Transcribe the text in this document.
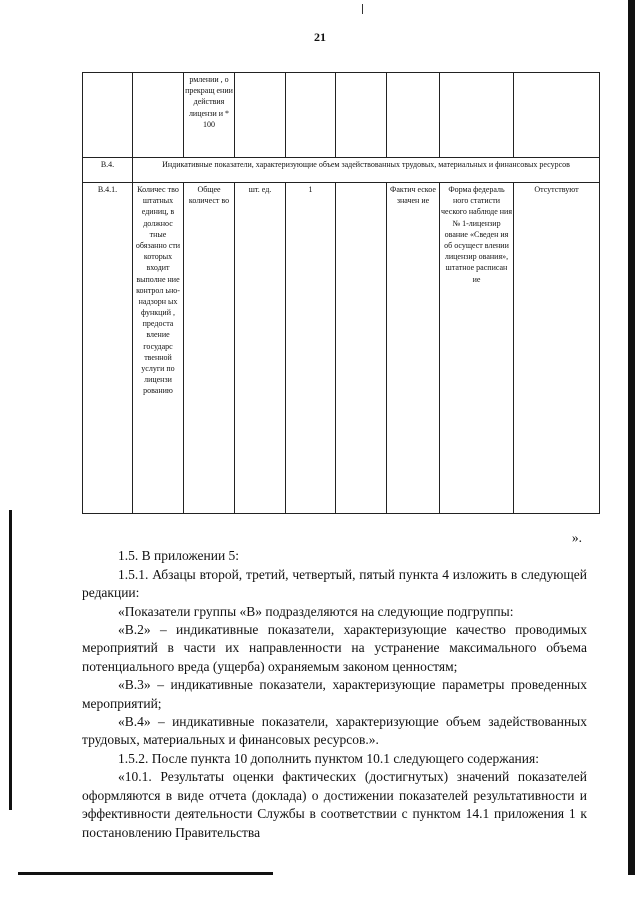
21
		рмлении , о прекращ ении действия лицензи и * 100						
В.4.	Индикативные показатели, характеризующие объем задействованных трудовых, материальных и финансовых ресурсов							
В.4.1.	Количес тво штатных единиц, в должнос тные обязанно сти которых входит выполне ние контрол ьно-надзорн ых функций , предоста вление государс твенной услуги по лицензи рованию	Общее количест во	шт. ед.	1		Фактич еское значен ие	Форма федераль ного статисти ческого наблюде ния № 1-лицензир ование «Сведен ия об осущест влении лицензир ования», штатное расписан ие	Отсутствуют

».

1.5. В приложении 5:

1.5.1. Абзацы второй, третий, четвертый, пятый пункта 4 изложить в следующей редакции:

«Показатели группы «В» подразделяются на следующие подгруппы:

«В.2» – индикативные показатели, характеризующие качество проводимых мероприятий в части их направленности на устранение максимального объема потенциального вреда (ущерба) охраняемым законом ценностям;

«В.3» – индикативные показатели, характеризующие параметры проведенных мероприятий;

«В.4» – индикативные показатели, характеризующие объем задействованных трудовых, материальных и финансовых ресурсов.».

1.5.2. После пункта 10 дополнить пунктом 10.1 следующего содержания:

«10.1. Результаты оценки фактических (достигнутых) значений показателей оформляются в виде отчета (доклада) о достижении показателей результативности и эффективности деятельности Службы в соответствии с пунктом 14.1 приложения 1 к постановлению Правительства
